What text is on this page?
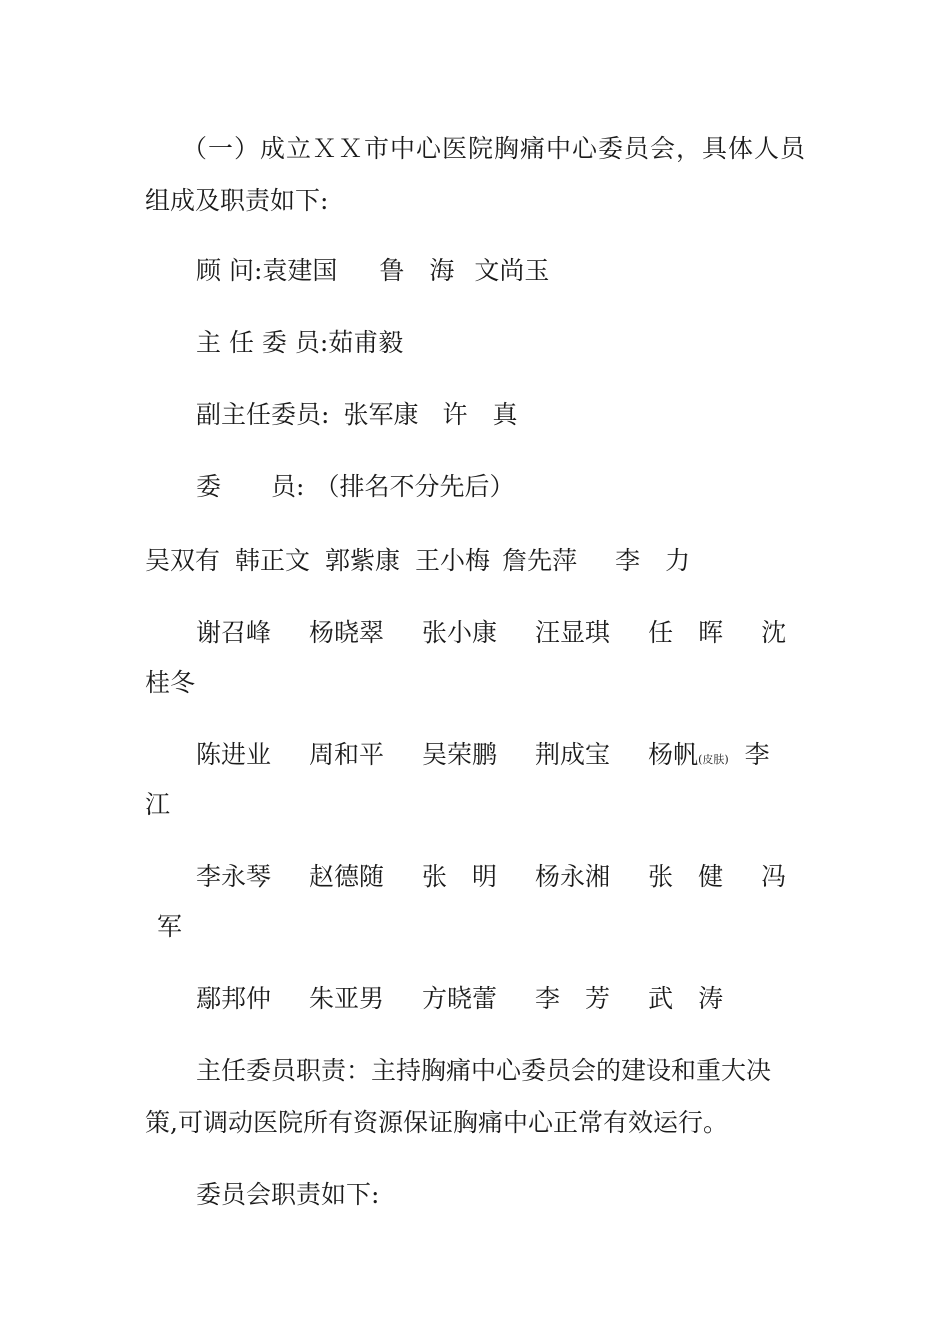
（一）成立ＸＸ市中心医院胸痛中心委员会，具体人员
组成及职责如下:
顾 问:袁建国 鲁　海 文尚玉
主 任 委 员:茹甫毅
副主任委员: 张军康 许　真
委　　员: （排名不分先后）
吴双有 韩正文 郭紫康 王小梅 詹先萍 李　力
谢召峰 杨晓翠 张小康 汪显琪 任　晖 沈
桂冬
陈进业 周和平 吴荣鹏 荆成宝 杨帆(皮肤) 李
江
李永琴 赵德随 张　明 杨永湘 张　健 冯
军
鄢邦仲 朱亚男 方晓蕾 李　芳 武　涛
主任委员职责：主持胸痛中心委员会的建设和重大决
策,可调动医院所有资源保证胸痛中心正常有效运行。
委员会职责如下:
